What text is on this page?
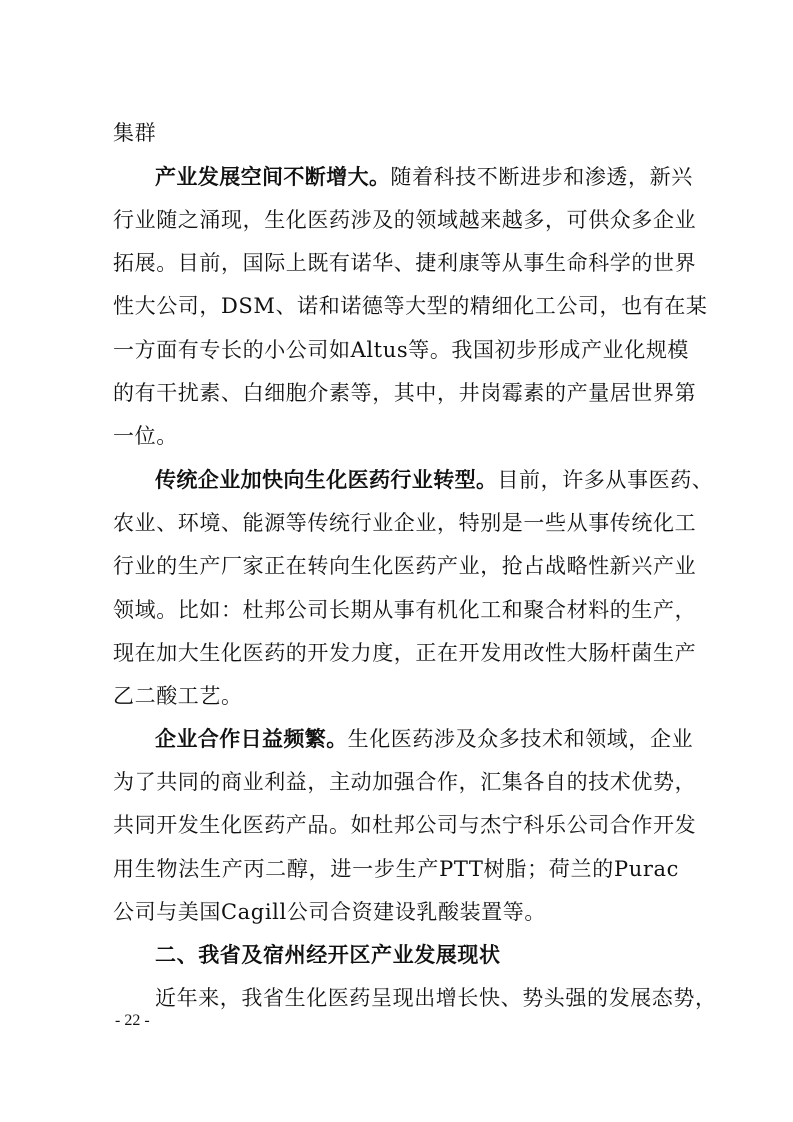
集群
产业发展空间不断增大。随着科技不断进步和渗透，新兴
行业随之涌现，生化医药涉及的领域越来越多，可供众多企业
拓展。目前，国际上既有诺华、捷利康等从事生命科学的世界
性大公司，DSM、诺和诺德等大型的精细化工公司，也有在某
一方面有专长的小公司如Altus等。我国初步形成产业化规模
的有干扰素、白细胞介素等，其中，井岗霉素的产量居世界第
一位。
传统企业加快向生化医药行业转型。目前，许多从事医药、
农业、环境、能源等传统行业企业，特别是一些从事传统化工
行业的生产厂家正在转向生化医药产业，抢占战略性新兴产业
领域。比如：杜邦公司长期从事有机化工和聚合材料的生产，
现在加大生化医药的开发力度，正在开发用改性大肠杆菌生产
乙二酸工艺。
企业合作日益频繁。生化医药涉及众多技术和领域，企业
为了共同的商业利益，主动加强合作，汇集各自的技术优势，
共同开发生化医药产品。如杜邦公司与杰宁科乐公司合作开发
用生物法生产丙二醇，进一步生产PTT树脂；荷兰的Purac
公司与美国Cagill公司合资建设乳酸装置等。
二、我省及宿州经开区产业发展现状
近年来，我省生化医药呈现出增长快、势头强的发展态势，
- 22 -
